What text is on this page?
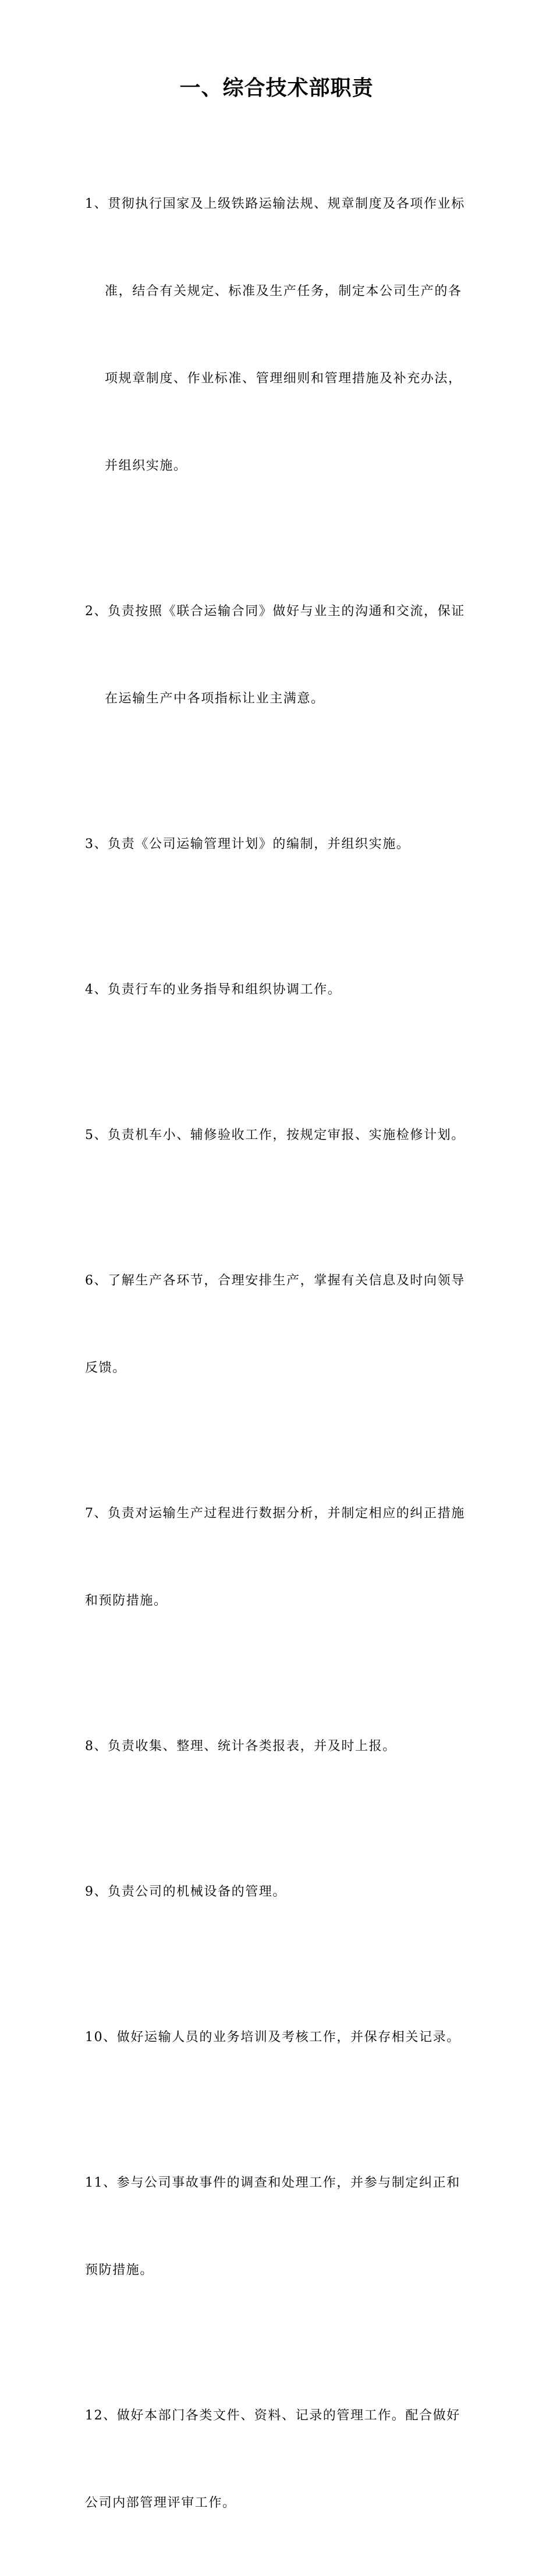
一、综合技术部职责

1、贯彻执行国家及上级铁路运输法规、规章制度及各项作业标

准，结合有关规定、标准及生产任务，制定本公司生产的各

项规章制度、作业标准、管理细则和管理措施及补充办法，

并组织实施。

2、负责按照《联合运输合同》做好与业主的沟通和交流，保证

在运输生产中各项指标让业主满意。

3、负责《公司运输管理计划》的编制，并组织实施。

4、负责行车的业务指导和组织协调工作。

5、负责机车小、辅修验收工作，按规定审报、实施检修计划。

6、了解生产各环节，合理安排生产，掌握有关信息及时向领导

反馈。

7、负责对运输生产过程进行数据分析，并制定相应的纠正措施

和预防措施。

8、负责收集、整理、统计各类报表，并及时上报。

9、负责公司的机械设备的管理。

10、做好运输人员的业务培训及考核工作，并保存相关记录。

11、参与公司事故事件的调查和处理工作，并参与制定纠正和

预防措施。

12、做好本部门各类文件、资料、记录的管理工作。配合做好

公司内部管理评审工作。
